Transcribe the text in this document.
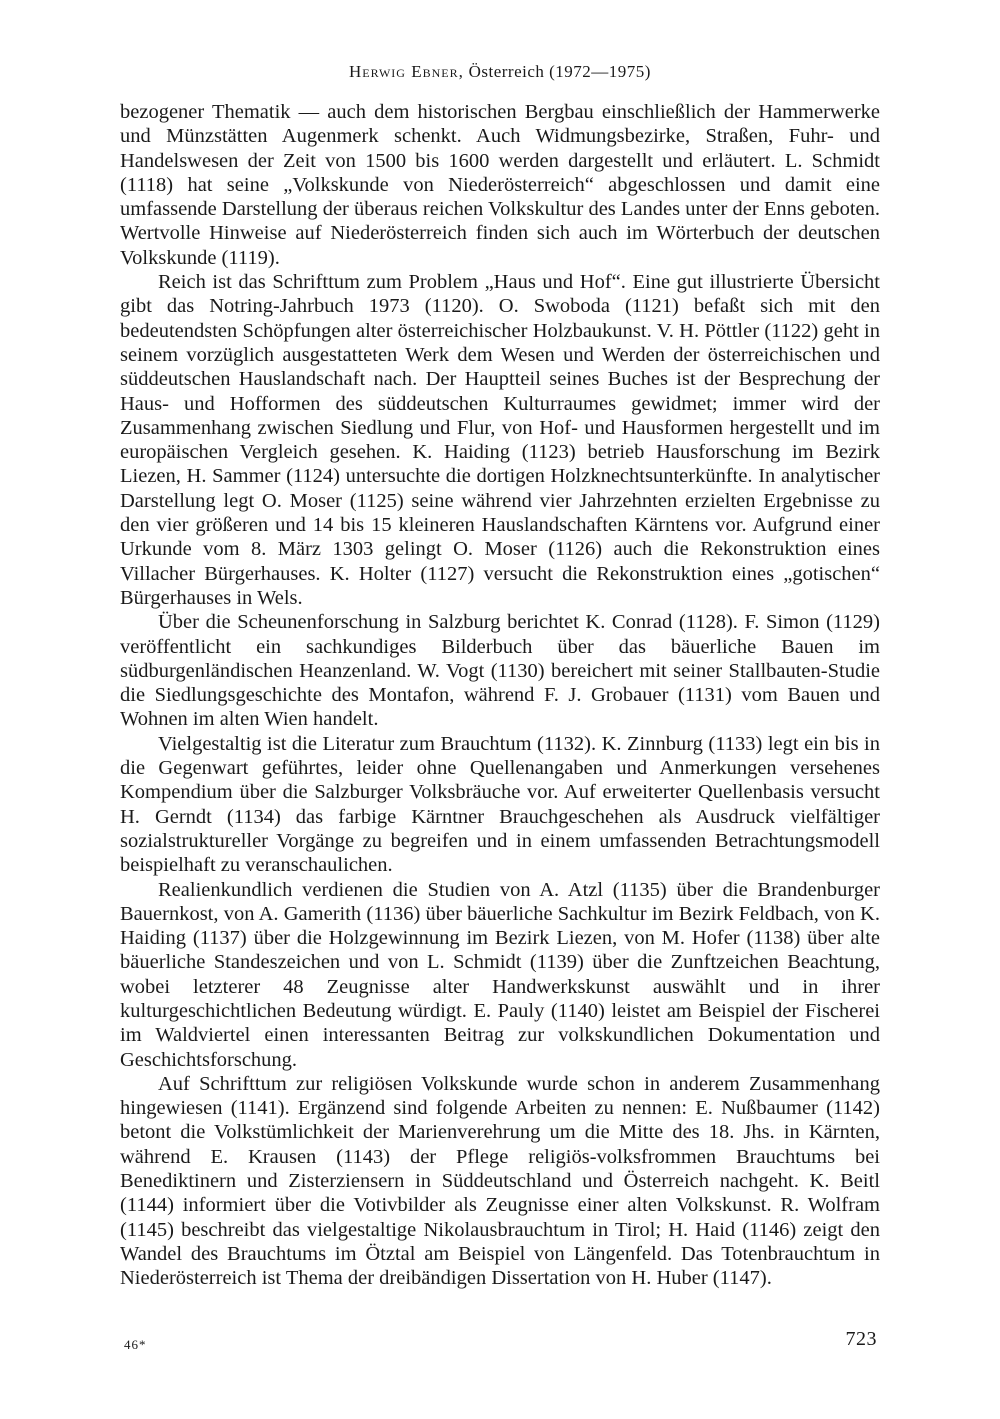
Herwig Ebner, Österreich (1972—1975)

bezogener Thematik — auch dem historischen Bergbau einschließlich der Hammerwerke und Münzstätten Augenmerk schenkt. Auch Widmungsbezirke, Straßen, Fuhr- und Handelswesen der Zeit von 1500 bis 1600 werden dargestellt und erläutert. L. Schmidt (1118) hat seine „Volkskunde von Niederösterreich“ abgeschlossen und damit eine umfassende Darstellung der überaus reichen Volkskultur des Landes unter der Enns geboten. Wertvolle Hinweise auf Niederösterreich finden sich auch im Wörterbuch der deutschen Volkskunde (1119).

Reich ist das Schrifttum zum Problem „Haus und Hof“. Eine gut illustrierte Übersicht gibt das Notring-Jahrbuch 1973 (1120). O. Swoboda (1121) befaßt sich mit den bedeutendsten Schöpfungen alter österreichischer Holzbaukunst. V. H. Pöttler (1122) geht in seinem vorzüglich ausgestatteten Werk dem Wesen und Werden der österreichischen und süddeutschen Hauslandschaft nach. Der Hauptteil seines Buches ist der Besprechung der Haus- und Hofformen des süddeutschen Kulturraumes gewidmet; immer wird der Zusammenhang zwischen Siedlung und Flur, von Hof- und Hausformen hergestellt und im europäischen Vergleich gesehen. K. Haiding (1123) betrieb Hausforschung im Bezirk Liezen, H. Sammer (1124) untersuchte die dortigen Holzknechtsunterkünfte. In analytischer Darstellung legt O. Moser (1125) seine während vier Jahrzehnten erzielten Ergebnisse zu den vier größeren und 14 bis 15 kleineren Hauslandschaften Kärntens vor. Aufgrund einer Urkunde vom 8. März 1303 gelingt O. Moser (1126) auch die Rekonstruktion eines Villacher Bürgerhauses. K. Holter (1127) versucht die Rekonstruktion eines „gotischen“ Bürgerhauses in Wels.

Über die Scheunenforschung in Salzburg berichtet K. Conrad (1128). F. Simon (1129) veröffentlicht ein sachkundiges Bilderbuch über das bäuerliche Bauen im südburgenländischen Heanzenland. W. Vogt (1130) bereichert mit seiner Stallbauten-Studie die Siedlungsgeschichte des Montafon, während F. J. Grobauer (1131) vom Bauen und Wohnen im alten Wien handelt.

Vielgestaltig ist die Literatur zum Brauchtum (1132). K. Zinnburg (1133) legt ein bis in die Gegenwart geführtes, leider ohne Quellenangaben und Anmerkungen versehenes Kompendium über die Salzburger Volksbräuche vor. Auf erweiterter Quellenbasis versucht H. Gerndt (1134) das farbige Kärntner Brauchgeschehen als Ausdruck vielfältiger sozialstruktureller Vorgänge zu begreifen und in einem umfassenden Betrachtungsmodell beispielhaft zu veranschaulichen.

Realienkundlich verdienen die Studien von A. Atzl (1135) über die Brandenburger Bauernkost, von A. Gamerith (1136) über bäuerliche Sachkultur im Bezirk Feldbach, von K. Haiding (1137) über die Holzgewinnung im Bezirk Liezen, von M. Hofer (1138) über alte bäuerliche Standeszeichen und von L. Schmidt (1139) über die Zunftzeichen Beachtung, wobei letzterer 48 Zeugnisse alter Handwerkskunst auswählt und in ihrer kulturgeschichtlichen Bedeutung würdigt. E. Pauly (1140) leistet am Beispiel der Fischerei im Waldviertel einen interessanten Beitrag zur volkskundlichen Dokumentation und Geschichtsforschung.

Auf Schrifttum zur religiösen Volkskunde wurde schon in anderem Zusammenhang hingewiesen (1141). Ergänzend sind folgende Arbeiten zu nennen: E. Nußbaumer (1142) betont die Volkstümlichkeit der Marienverehrung um die Mitte des 18. Jhs. in Kärnten, während E. Krausen (1143) der Pflege religiös-volksfrommen Brauchtums bei Benediktinern und Zisterziensern in Süddeutschland und Österreich nachgeht. K. Beitl (1144) informiert über die Votivbilder als Zeugnisse einer alten Volkskunst. R. Wolfram (1145) beschreibt das vielgestaltige Nikolausbrauchtum in Tirol; H. Haid (1146) zeigt den Wandel des Brauchtums im Ötztal am Beispiel von Längenfeld. Das Totenbrauchtum in Niederösterreich ist Thema der dreibändigen Dissertation von H. Huber (1147).

46*	723
